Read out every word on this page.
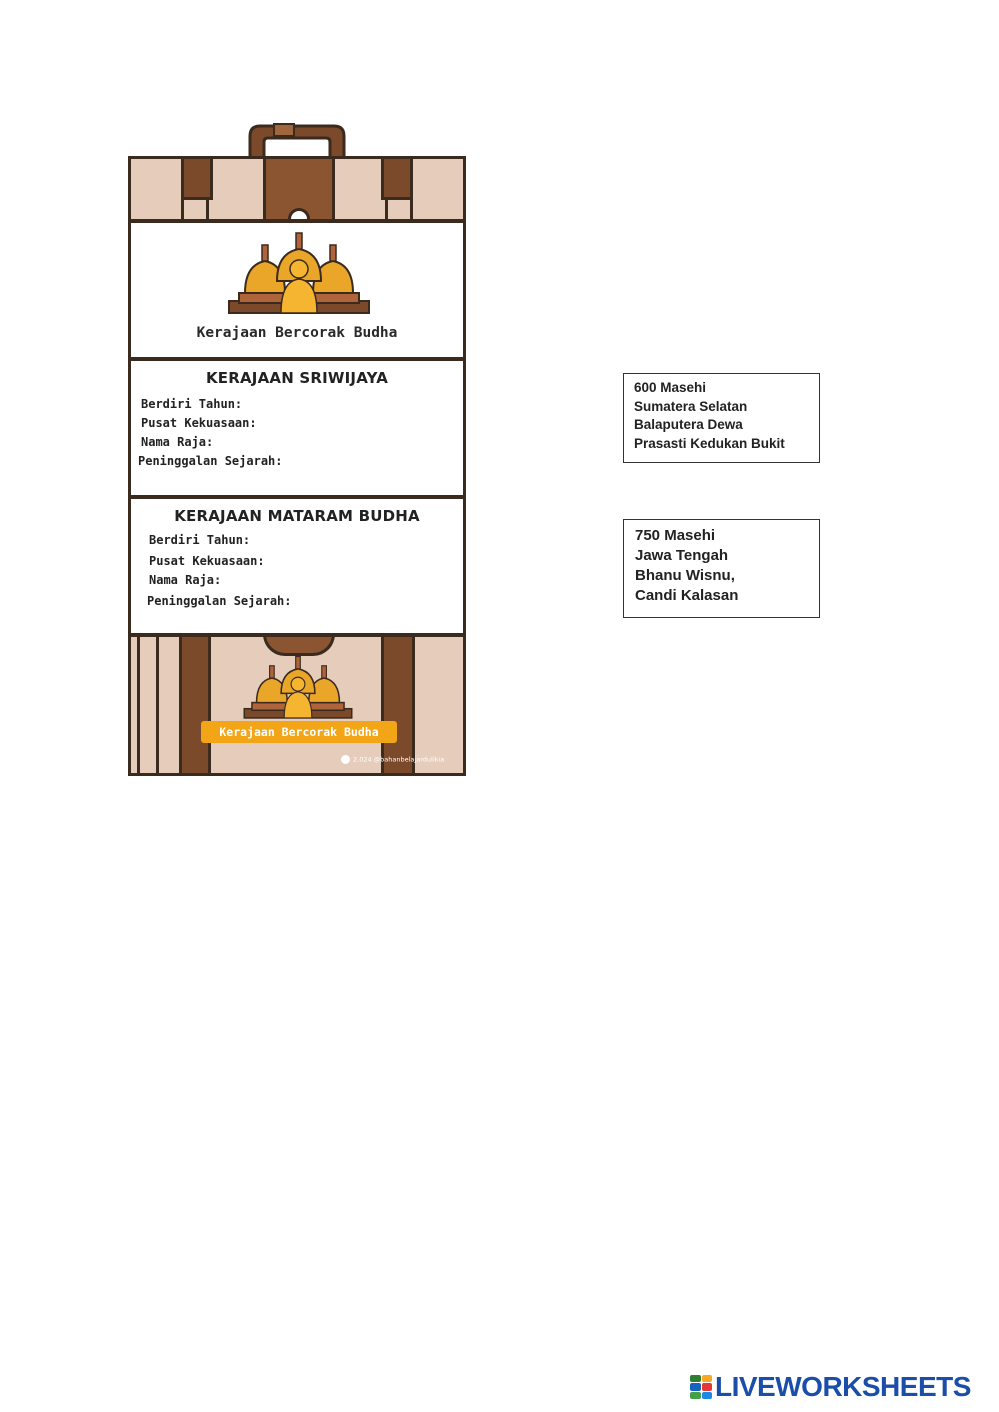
Kerajaan Bercorak Budha
KERAJAAN SRIWIJAYA
Berdiri Tahun:
Pusat Kekuasaan:
Nama Raja:
Peninggalan Sejarah:
KERAJAAN MATARAM BUDHA
Berdiri Tahun:
Pusat Kekuasaan:
Nama Raja:
Peninggalan Sejarah:
Kerajaan Bercorak Budha
2.024 @bahanbelajardulikia
600 Masehi
Sumatera Selatan
Balaputera Dewa
Prasasti Kedukan Bukit
750 Masehi
Jawa Tengah
Bhanu Wisnu,
Candi Kalasan
LIVEWORKSHEETS
